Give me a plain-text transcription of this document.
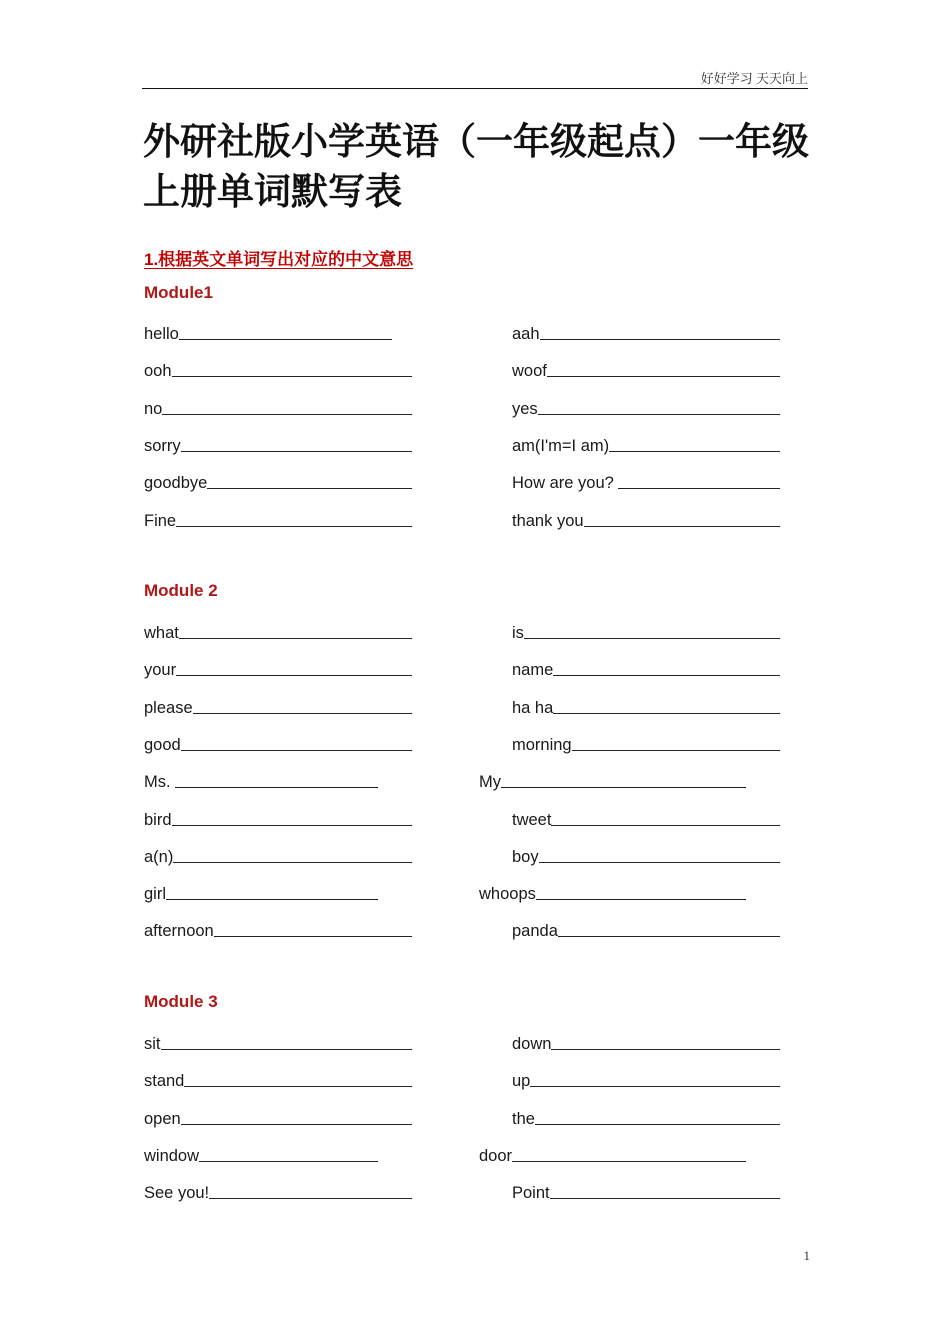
好好学习 天天向上
外研社版小学英语（一年级起点）一年级上册单词默写表
1.根据英文单词写出对应的中文意思
Module1
hello	aah
ooh	woof
no	yes
sorry	am(I'm=I am)
goodbye	How are you?
Fine	thank you
Module 2
what	is
your	name
please	ha ha
good	morning
Ms.	My
bird	tweet
a(n)	boy
girl	whoops
afternoon	panda
Module 3
sit	down
stand	up
open	the
window	door
See you!	Point
1
